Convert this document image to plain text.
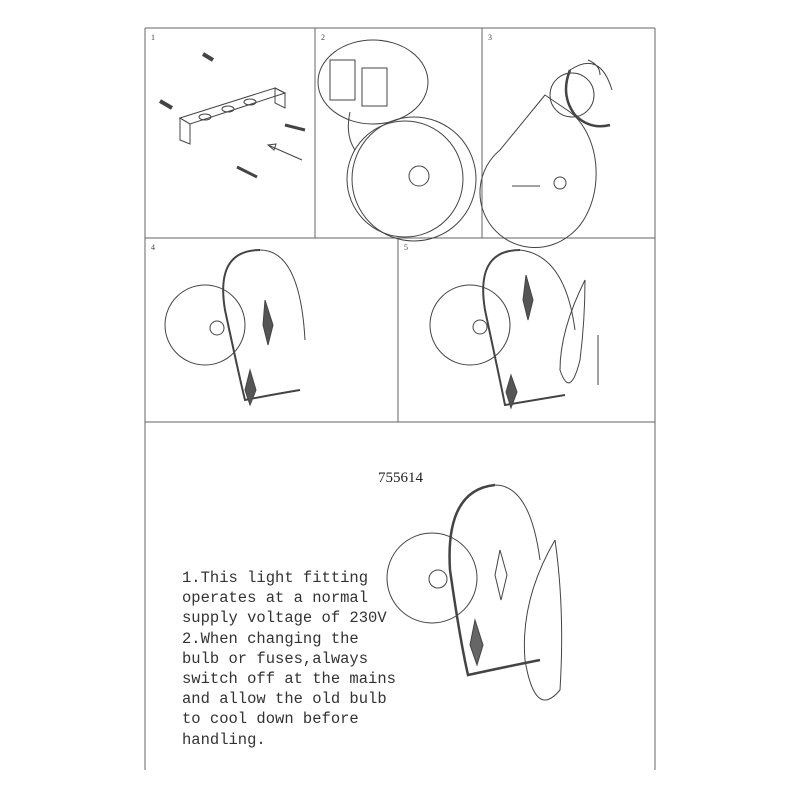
1	2	3
4	5
755614
1.This light fitting
operates at a normal
supply voltage of 230V
2.When changing the
bulb or fuses,always
switch off at the mains
and allow the old bulb
to cool down before
handling.
